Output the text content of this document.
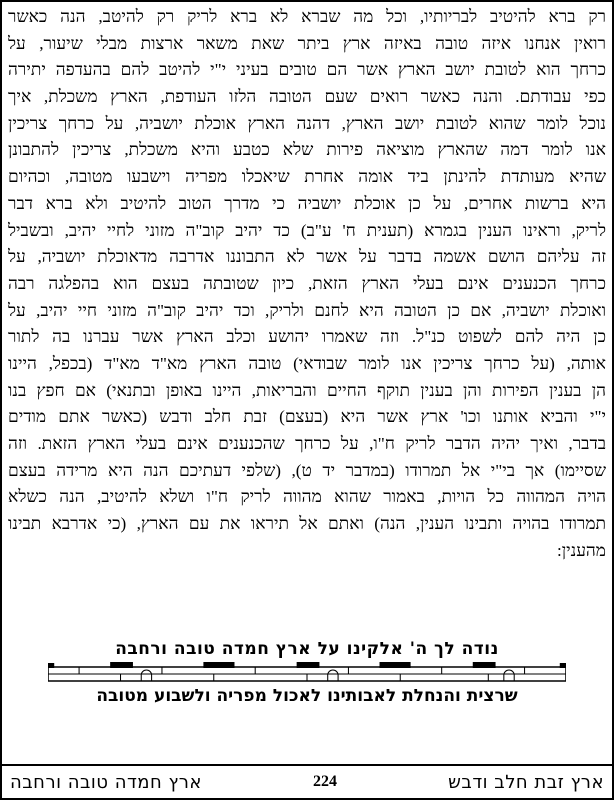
רק ברא להיטיב לבריותיו, וכל מה שברא לא ברא לריק רק להיטב, הנה כאשר
רואין אנחנו איזה טובה באיזה ארץ ביתר שאת משאר ארצות מבלי שיעור, על
כרחך הוא לטובת יושב הארץ אשר הם טובים בעיני י"י להיטב להם בהעדפה יתירה
כפי עבודתם. והנה כאשר רואים שעם הטובה הלזו העודפת, הארץ משכלת, איך
נוכל לומר שהוא לטובת יושב הארץ, דהנה הארץ אוכלת יושביה, על כרחך צריכין
אנו לומר דמה שהארץ מוציאה פירות שלא כטבע והיא משכלת, צריכין להתבונן
שהיא מעותדת להינתן ביד אומה אחרת שיאכלו מפריה וישבעו מטובה, וכהיום
היא ברשות אחרים, על כן אוכלת יושביה כי מדרך הטוב להיטיב ולא ברא דבר
לריק, וראינו הענין בגמרא (תענית ח' ע"ב) כד יהיב קוב"ה מזוני לחיי יהיב, ובשביל
זה עליהם הושם אשמה בדבר על אשר לא התבוננו אדרבה מדאוכלת יושביה, על
כרחך הכנענים אינם בעלי הארץ הזאת, כיון שטובתה בעצם הוא בהפלגה רבה
ואוכלת יושביה, אם כן הטובה היא לחנם ולריק, וכד יהיב קוב"ה מזוני חיי יהיב, על
כן היה להם לשפוט כנ"ל. וזה שאמרו יהושע וכלב הארץ אשר עברנו בה לתור
אותה, (על כרחך צריכין אנו לומר שבודאי) טובה הארץ מא"ד מא"ד (בכפל, היינו
הן בענין הפירות והן בענין תוקף החיים והבריאות, היינו באופן ובתנאי) אם חפץ בנו
י"י והביא אותנו וכו' ארץ אשר היא (בעצם) זבת חלב ודבש (כאשר אתם מודים
בדבר, ואיך יהיה הדבר לריק ח"ו, על כרחך שהכנענים אינם בעלי הארץ הזאת. וזה
שסיימו) אך בי"י אל תמרודו (במדבר יד ט), (שלפי דעתיכם הנה היא מרידה בעצם
הויה המהווה כל הויות, באמור שהוא מהווה לריק ח"ו ושלא להיטיב, הנה כשלא
תמרודו בהויה ותבינו הענין, הנה) ואתם אל תיראו את עם הארץ, (כי אדרבא תבינו
מהענין:
נודה לך ה' אלקינו על ארץ חמדה טובה ורחבה
שרצית והנחלת לאבותינו לאכול מפריה ולשבוע מטובה
ארץ זבת חלב ודבש
224
ארץ חמדה טובה ורחבה
